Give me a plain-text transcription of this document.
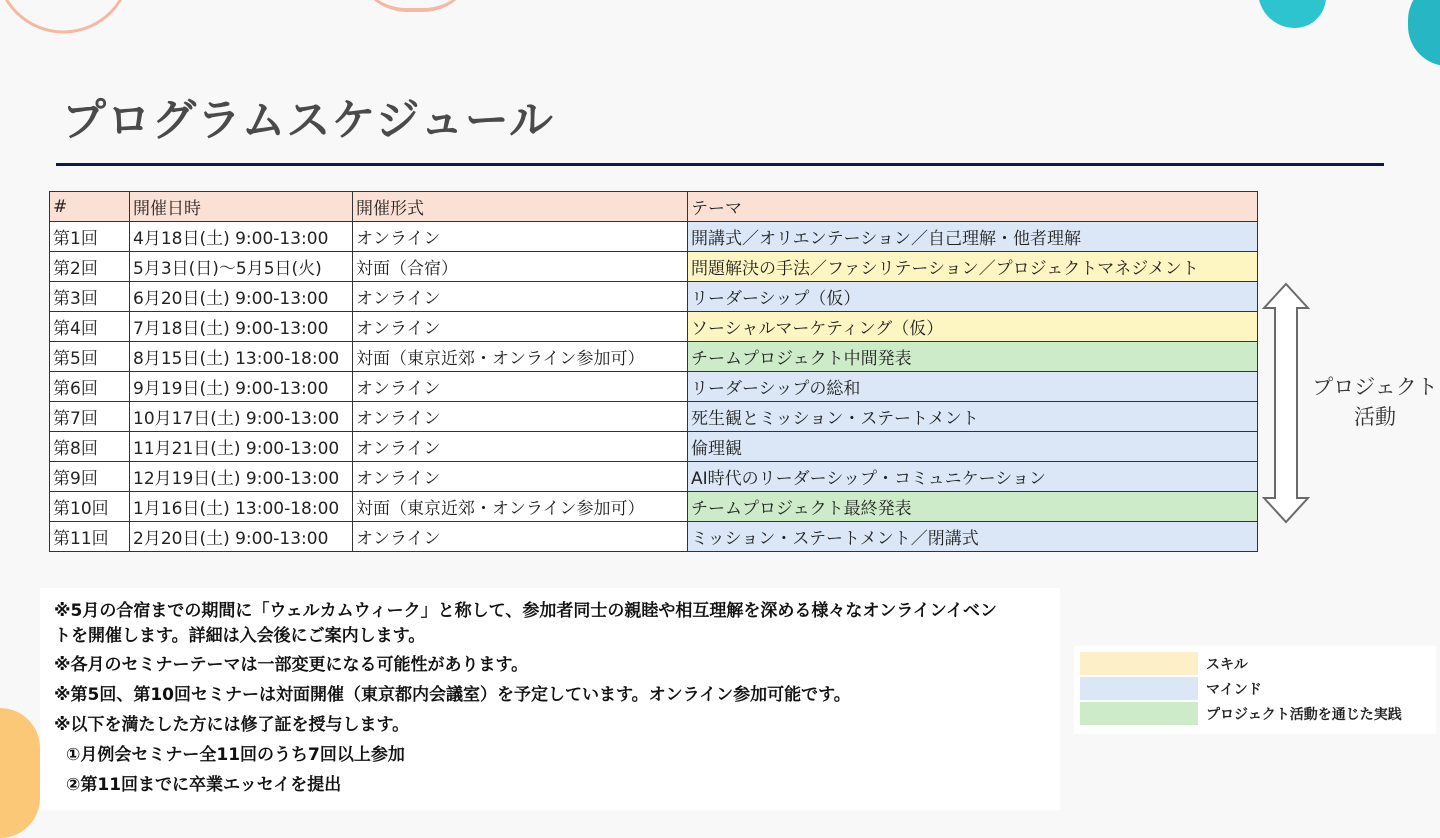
プログラムスケジュール
#	開催日時	開催形式	テーマ
第1回	4月18日(土) 9:00-13:00	オンライン	開講式／オリエンテーション／自己理解・他者理解
第2回	5月3日(日)～5月5日(火)	対面（合宿）	問題解決の手法／ファシリテーション／プロジェクトマネジメント
第3回	6月20日(土) 9:00-13:00	オンライン	リーダーシップ（仮）
第4回	7月18日(土) 9:00-13:00	オンライン	ソーシャルマーケティング（仮）
第5回	8月15日(土) 13:00-18:00	対面（東京近郊・オンライン参加可）	チームプロジェクト中間発表
第6回	9月19日(土) 9:00-13:00	オンライン	リーダーシップの総和
第7回	10月17日(土) 9:00-13:00	オンライン	死生観とミッション・ステートメント
第8回	11月21日(土) 9:00-13:00	オンライン	倫理観
第9回	12月19日(土) 9:00-13:00	オンライン	AI時代のリーダーシップ・コミュニケーション
第10回	1月16日(土) 13:00-18:00	対面（東京近郊・オンライン参加可）	チームプロジェクト最終発表
第11回	2月20日(土) 9:00-13:00	オンライン	ミッション・ステートメント／閉講式
プロジェクト
活動
※5月の合宿までの期間に「ウェルカムウィーク」と称して、参加者同士の親睦や相互理解を深める様々なオンラインイベン
トを開催します。詳細は入会後にご案内します。
※各月のセミナーテーマは一部変更になる可能性があります。
※第5回、第10回セミナーは対面開催（東京都内会議室）を予定しています。オンライン参加可能です。
※以下を満たした方には修了証を授与します。
①月例会セミナー全11回のうち7回以上参加
②第11回までに卒業エッセイを提出
スキル
マインド
プロジェクト活動を通じた実践
